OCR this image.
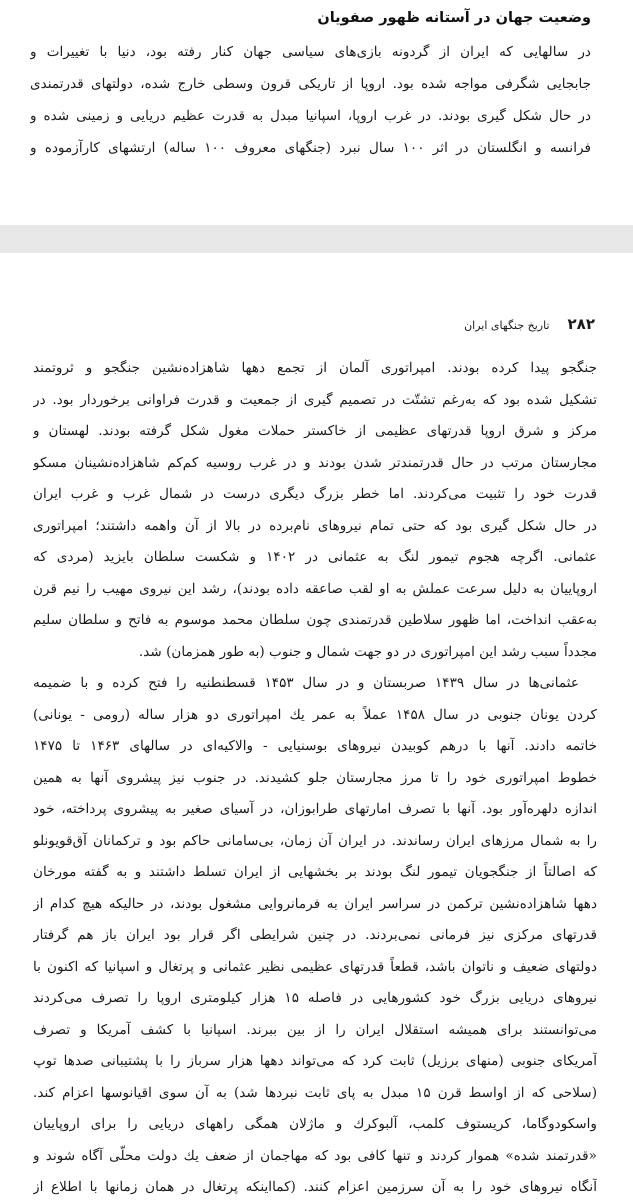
وضعیت جهان در آستانه ظهور صفویان
در سالهایی که ایران از گردونه بازی‌های سیاسی جهان کنار رفته بود، دنیا با تغییرات و
جابجایی شگرفی مواجه شده بود. اروپا از تاریکی قرون وسطی خارج شده، دولتهای قدرتمندی
در حال شکل گیری بودند. در غرب اروپا، اسپانیا مبدل به قدرت عظیم دریایی و زمینی شده و
فرانسه و انگلستان در اثر ۱۰۰ سال نبرد (جنگهای معروف ۱۰۰ ساله) ارتشهای کارآزموده و
۲۸۲
تاریخ جنگهای ایران
جنگجو پیدا کرده بودند. امپراتوری آلمان از تجمع دهها شاهزاده‌نشین جنگجو و ثروتمند
تشکیل شده بود که به‌رغم تشتّت در تصمیم گیری از جمعیت و قدرت فراوانی برخوردار بود. در
مرکز و شرق اروپا قدرتهای عظیمی از خاکستر حملات مغول شکل گرفته بودند. لهستان و
مجارستان مرتب در حال قدرتمندتر شدن بودند و در غرب روسیه کم‌کم شاهزاده‌نشینان مسکو
قدرت خود را تثبیت می‌کردند. اما خطر بزرگ دیگری درست در شمال غرب و غرب ایران
در حال شکل گیری بود که حتی تمام نیروهای نام‌برده در بالا از آن واهمه داشتند؛ امپراتوری
عثمانی. اگرچه هجوم تیمور لنگ به عثمانی در ۱۴۰۲ و شکست سلطان بایزید (مردی که
اروپاییان به دلیل سرعت عملش به او لقب صاعقه داده بودند)، رشد این نیروی مهیب را نیم قرن
به‌عقب انداخت، اما ظهور سلاطین قدرتمندی چون سلطان محمد موسوم به فاتح و سلطان سلیم
مجدداً سبب رشد این امپراتوری در دو جهت شمال و جنوب (به طور همزمان) شد.
عثمانی‌ها در سال ۱۴۳۹ صربستان و در سال ۱۴۵۳ قسطنطنیه را فتح کرده و با ضمیمه
کردن یونان جنوبی در سال ۱۴۵۸ عملاً به عمر یك امپراتوری دو هزار ساله (رومی - یونانی)
خاتمه دادند. آنها با درهم کوبیدن نیروهای بوسنیایی - والاکیه‌ای در سالهای ۱۴۶۳ تا ۱۴۷۵
خطوط امپراتوری خود را تا مرز مجارستان جلو کشیدند. در جنوب نیز پیشروی آنها به همین
اندازه دلهره‌آور بود. آنها با تصرف امارتهای طرابوزان، در آسیای صغیر به پیشروی پرداخته، خود
را به شمال مرزهای ایران رساندند. در ایران آن زمان، بی‌سامانی حاکم بود و ترکمانان آق‌قویونلو
که اصالتاً از جنگجویان تیمور لنگ بودند بر بخشهایی از ایران تسلط داشتند و به گفته مورخان
دهها شاهزاده‌نشین ترکمن در سراسر ایران به فرمانروایی مشغول بودند، در حالیکه هیچ کدام از
قدرتهای مرکزی نیز فرمانی نمی‌بردند. در چنین شرایطی اگر قرار بود ایران باز هم گرفتار
دولتهای ضعیف و ناتوان باشد، قطعاً قدرتهای عظیمی نظیر عثمانی و پرتغال و اسپانیا که اکنون با
نیروهای دریایی بزرگ خود کشورهایی در فاصله ۱۵ هزار کیلومتری اروپا را تصرف می‌کردند
می‌توانستند برای همیشه استقلال ایران را از بین ببرند. اسپانیا با کشف آمریکا و تصرف
آمریکای جنوبی (منهای برزیل) ثابت کرد که می‌تواند دهها هزار سرباز را با پشتیبانی صدها توپ
(سلاحی که از اواسط قرن ۱۵ مبدل به پای ثابت نبردها شد) به آن سوی اقیانوسها اعزام کند.
واسکودوگاما، کریستوف کلمب، آلبوکرك و ماژلان همگی راههای دریایی را برای اروپاییان
«قدرتمند شده» هموار کردند و تنها کافی بود که مهاجمان از ضعف یك دولت محلّی آگاه شوند و
آنگاه نیروهای خود را به آن سرزمین اعزام کنند. (کمااینکه پرتغال در همان زمانها با اطلاع از
